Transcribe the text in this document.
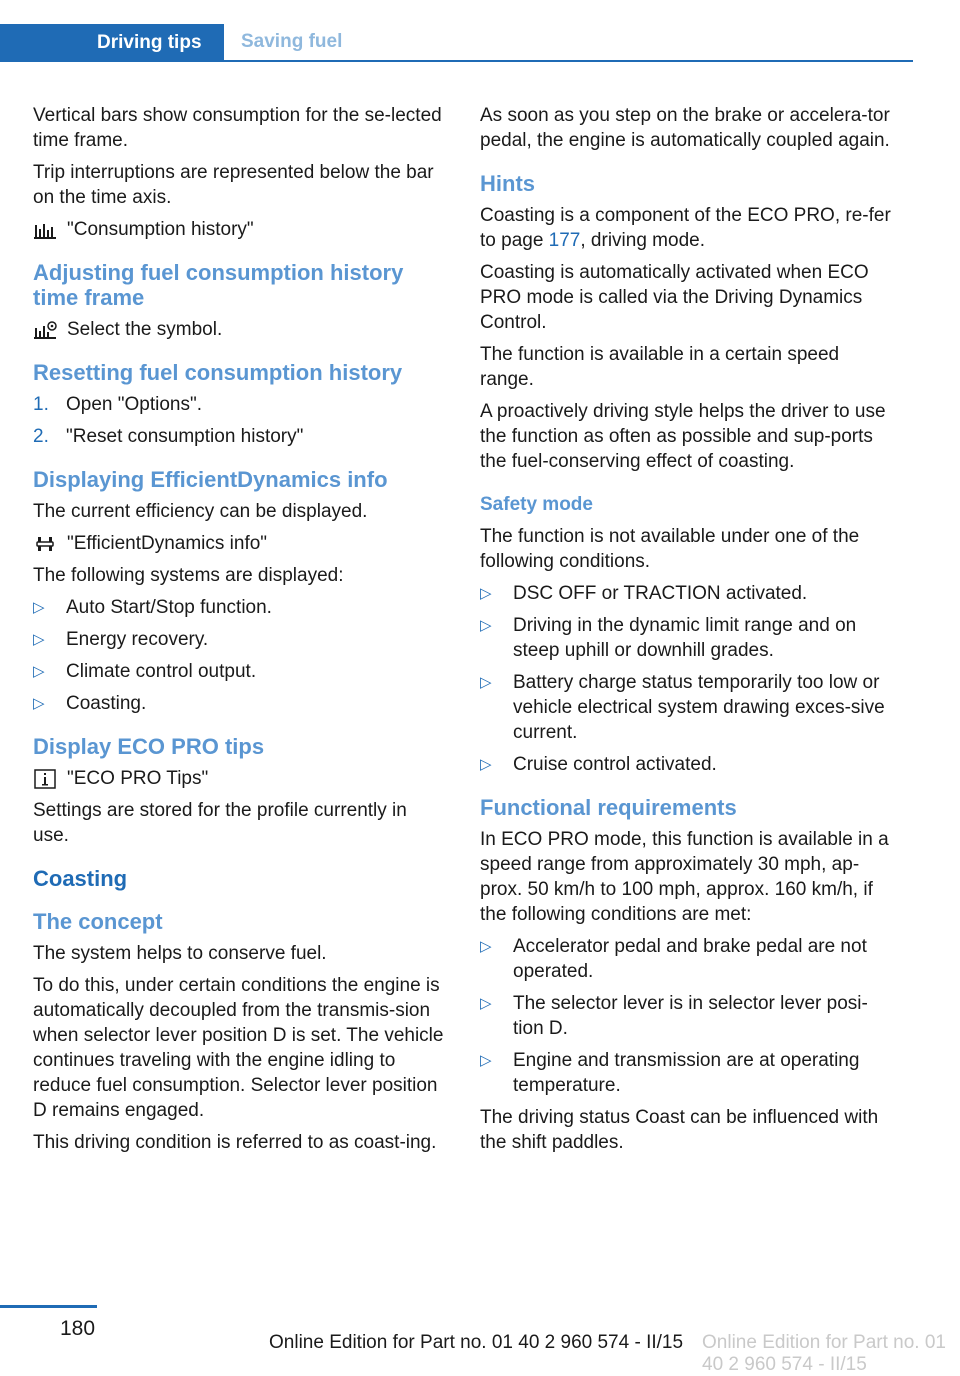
Driving tips	Saving fuel

Vertical bars show consumption for the se-lected time frame.

Trip interruptions are represented below the bar on the time axis.

"Consumption history"
Adjusting fuel consumption history time frame
Select the symbol.
Resetting fuel consumption history
1. Open "Options".
2. "Reset consumption history"
Displaying EfficientDynamics info

The current efficiency can be displayed.

"EfficientDynamics info"

The following systems are displayed:

▷	Auto Start/Stop function.
▷	Energy recovery.
▷	Climate control output.
▷	Coasting.
Display ECO PRO tips
"ECO PRO Tips"

Settings are stored for the profile currently in use.

Coasting
The concept

The system helps to conserve fuel.

To do this, under certain conditions the engine is automatically decoupled from the transmis-sion when selector lever position D is set. The vehicle continues traveling with the engine idling to reduce fuel consumption. Selector lever position D remains engaged.

This driving condition is referred to as coast-ing.

As soon as you step on the brake or accelera-tor pedal, the engine is automatically coupled again.

Hints

Coasting is a component of the ECO PRO, re-fer to page 177, driving mode.

Coasting is automatically activated when ECO PRO mode is called via the Driving Dynamics Control.

The function is available in a certain speed range.

A proactively driving style helps the driver to use the function as often as possible and sup-ports the fuel-conserving effect of coasting.

Safety mode

The function is not available under one of the following conditions.

▷	DSC OFF or TRACTION activated.
▷	Driving in the dynamic limit range and on steep uphill or downhill grades.
▷	Battery charge status temporarily too low or vehicle electrical system drawing exces-sive current.
▷	Cruise control activated.
Functional requirements

In ECO PRO mode, this function is available in a speed range from approximately 30 mph, ap-prox. 50 km/h to 100 mph, approx. 160 km/h, if the following conditions are met:

▷	Accelerator pedal and brake pedal are not operated.
▷	The selector lever is in selector lever posi-tion D.
▷	Engine and transmission are at operating temperature.

The driving status Coast can be influenced with the shift paddles.

180
Online Edition for Part no. 01 40 2 960 574 - II/15 Online Edition for Part no. 01 40 2 960 574 - II/15
